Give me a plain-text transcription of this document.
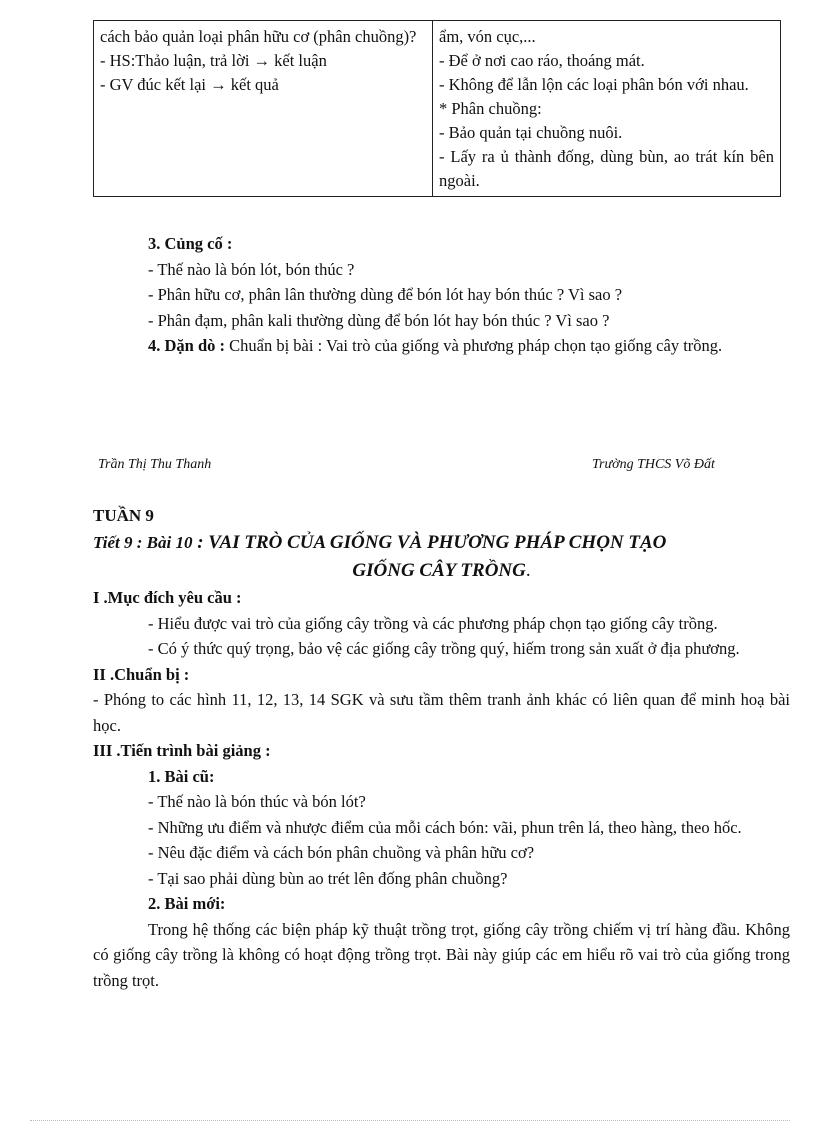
cách bảo quản loại phân hữu cơ (phân chuồng)?
- HS:Thảo luận, trả lời → kết luận
- GV đúc kết lại → kết quả

ẩm, vón cục,...
- Để ở nơi cao ráo, thoáng mát.
- Không để lẫn lộn các loại phân bón với nhau.
* Phân chuồng:
- Bảo quản tại chuồng nuôi.
- Lấy ra ủ thành đống, dùng bùn, ao trát kín bên ngoài.
3. Củng cố :
- Thế nào là bón lót, bón thúc ?
- Phân hữu cơ, phân lân thường dùng để bón lót hay bón thúc ? Vì sao ?
- Phân đạm, phân kali thường dùng để bón lót hay bón thúc ? Vì sao ?
4. Dặn dò : Chuẩn bị bài : Vai trò của giống và phương pháp chọn tạo giống cây trồng.
Trần Thị Thu Thanh	Trường THCS Võ Đất
TUẦN 9
Tiết 9 : Bài 10 : VAI TRÒ CỦA GIỐNG VÀ PHƯƠNG PHÁP CHỌN TẠO
GIỐNG CÂY TRỒNG.
I .Mục đích yêu cầu :
- Hiểu được vai trò của giống cây trồng và các phương pháp chọn tạo giống cây trồng.
- Có ý thức quý trọng, bảo vệ các giống cây trồng quý, hiếm trong sản xuất ở địa phương.
II .Chuẩn bị :
- Phóng to các hình 11, 12, 13, 14 SGK và sưu tầm thêm tranh ảnh khác có liên quan để minh hoạ bài học.
III .Tiến trình bài giảng :
1. Bài cũ:
- Thế nào là bón thúc và bón lót?
- Những ưu điểm và nhược điểm của mỗi cách bón: vãi, phun trên lá, theo hàng, theo hốc.
- Nêu đặc điểm và cách bón phân chuồng và phân hữu cơ?
- Tại sao phải dùng bùn ao trét lên đống phân chuồng?
2. Bài mới:
Trong hệ thống các biện pháp kỹ thuật trồng trọt, giống cây trồng chiếm vị trí hàng đầu. Không có giống cây trồng là không có hoạt động trồng trọt. Bài này giúp các em hiểu rõ vai trò của giống trong trồng trọt.
